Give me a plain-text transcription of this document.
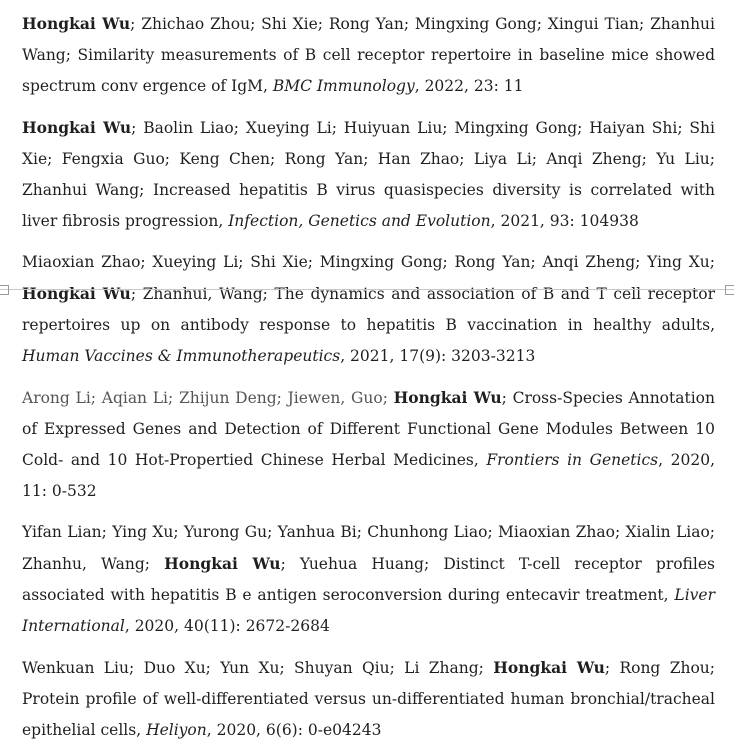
Hongkai Wu; Zhichao Zhou; Shi Xie; Rong Yan; Mingxing Gong; Xingui Tian; Zhanhui Wang; Similarity measurements of B cell receptor repertoire in baseline mice showed spectrum conv ergence of IgM, BMC Immunology, 2022, 23: 11

Hongkai Wu; Baolin Liao; Xueying Li; Huiyuan Liu; Mingxing Gong; Haiyan Shi; Shi Xie; Fengxia Guo; Keng Chen; Rong Yan; Han Zhao; Liya Li; Anqi Zheng; Yu Liu; Zhanhui Wang; Increased hepatitis B virus quasispecies diversity is correlated with liver fibrosis progression, Infection, Genetics and Evolution, 2021, 93: 104938

Miaoxian Zhao; Xueying Li; Shi Xie; Mingxing Gong; Rong Yan; Anqi Zheng; Ying Xu; Hongkai Wu; Zhanhui, Wang; The dynamics and association of B and T cell receptor repertoires up on antibody response to hepatitis B vaccination in healthy adults, Human Vaccines & Immunotherapeutics, 2021, 17(9): 3203-3213

Arong Li; Aqian Li; Zhijun Deng; Jiewen, Guo; Hongkai Wu; Cross-Species Annotation of Expressed Genes and Detection of Different Functional Gene Modules Between 10 Cold- and 10 Hot-Propertied Chinese Herbal Medicines, Frontiers in Genetics, 2020, 11: 0-532

Yifan Lian; Ying Xu; Yurong Gu; Yanhua Bi; Chunhong Liao; Miaoxian Zhao; Xialin Liao; Zhanhu, Wang; Hongkai Wu; Yuehua Huang; Distinct T-cell receptor profiles associated with hepatitis B e antigen seroconversion during entecavir treatment, Liver International, 2020, 40(11): 2672-2684

Wenkuan Liu; Duo Xu; Yun Xu; Shuyan Qiu; Li Zhang; Hongkai Wu; Rong Zhou; Protein profile of well-differentiated versus un-differentiated human bronchial/tracheal epithelial cells, Heliyon, 2020, 6(6): 0-e04243
